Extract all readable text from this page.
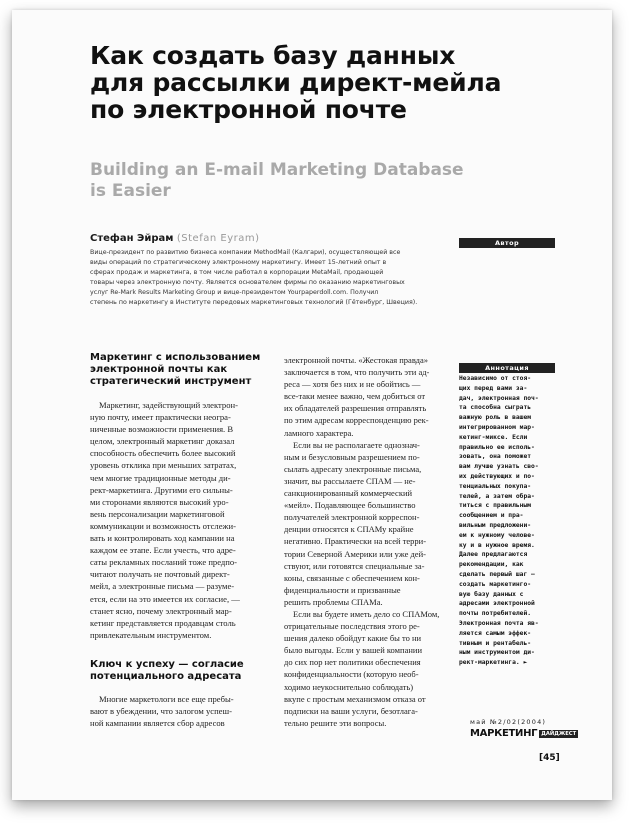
Как создать базу данных
для рассылки директ-мейла
по электронной почте
Building an E-mail Marketing Database
is Easier
Стефан Эйрам (Stefan Eyram)	Автор
Вице-президент по развитию бизнеса компании MethodMail (Калгари), осуществляющей все
виды операций по стратегическому электронному маркетингу. Имеет 15-летний опыт в
сферах продаж и маркетинга, в том числе работал в корпорации MetaMail, продающей
товары через электронную почту. Является основателем фирмы по оказанию маркетинговых
услуг Re-Mark Results Marketing Group и вице-президентом Yourpaperdoll.com. Получил
степень по маркетингу в Институте передовых маркетинговых технологий (Гётенбург, Швеция).
Маркетинг с использованием
электронной почты как
стратегический инструмент
Маркетинг, задействующий электрон-
ную почту, имеет практически неогра-
ниченные возможности применения. В
целом, электронный маркетинг доказал
способность обеспечить более высокий
уровень отклика при меньших затратах,
чем многие традиционные методы ди-
рект-маркетинга. Другими его сильны-
ми сторонами являются высокий уро-
вень персонализации маркетинговой
коммуникации и возможность отслежи-
вать и контролировать ход кампании на
каждом ее этапе. Если учесть, что адре-
саты рекламных посланий тоже предпо-
читают получать не почтовый директ-
мейл, а электронные письма — разуме-
ется, если на это имеется их согласие, —
станет ясно, почему электронный мар-
кетинг представляется продавцам столь
привлекательным инструментом.
Ключ к успеху — согласие
потенциального адресата
Многие маркетологи все еще пребы-
вают в убеждении, что залогом успеш-
ной кампании является сбор адресов
электронной почты. «Жестокая правда»
заключается в том, что получить эти ад-
реса — хотя без них и не обойтись —
все-таки менее важно, чем добиться от
их обладателей разрешения отправлять
по этим адресам корреспонденцию рек-
ламного характера.
Если вы не располагаете однознач-
ным и безусловным разрешением по-
сылать адресату электронные письма,
значит, вы рассылаете СПАМ — не-
санкционированный коммерческий
«мейл». Подавляющее большинство
получателей электронной корреспон-
денции относятся к СПАМу крайне
негативно. Практически на всей терри-
тории Северной Америки или уже дей-
ствуют, или готовятся специальные за-
коны, связанные с обеспечением кон-
фиденциальности и призванные
решить проблемы СПАМа.
Если вы будете иметь дело со СПАМом,
отрицательные последствия этого ре-
шения далеко обойдут какие бы то ни
было выгоды. Если у вашей компании
до сих пор нет политики обеспечения
конфиденциальности (которую необ-
ходимо неукоснительно соблюдать)
вкупе с простым механизмом отказа от
подписки на ваши услуги, безотлага-
тельно решите эти вопросы.
Аннотация
Независимо от стоя-
щих перед вами за-
дач, электронная поч-
та способна сыграть
важную роль в вашем
интегрированном мар-
кетинг-миксе. Если
правильно ее исполь-
зовать, она поможет
вам лучше узнать сво-
их действующих и по-
тенциальных покупа-
телей, а затем обра-
титься с правильным
сообщением и пра-
вильным предложени-
ем к нужному челове-
ку и в нужное время.
Далее предлагаются
рекомендации, как
сделать первый шаг —
создать маркетинго-
вую базу данных с
адресами электронной
почты потребителей.
Электронная почта яв-
ляется самым эффек-
тивным и рентабель-
ным инструментом ди-
рект-маркетинга. ►
май №2/02(2004)
МАРКЕТИНГ ДАЙДЖЕСТ
[45]
